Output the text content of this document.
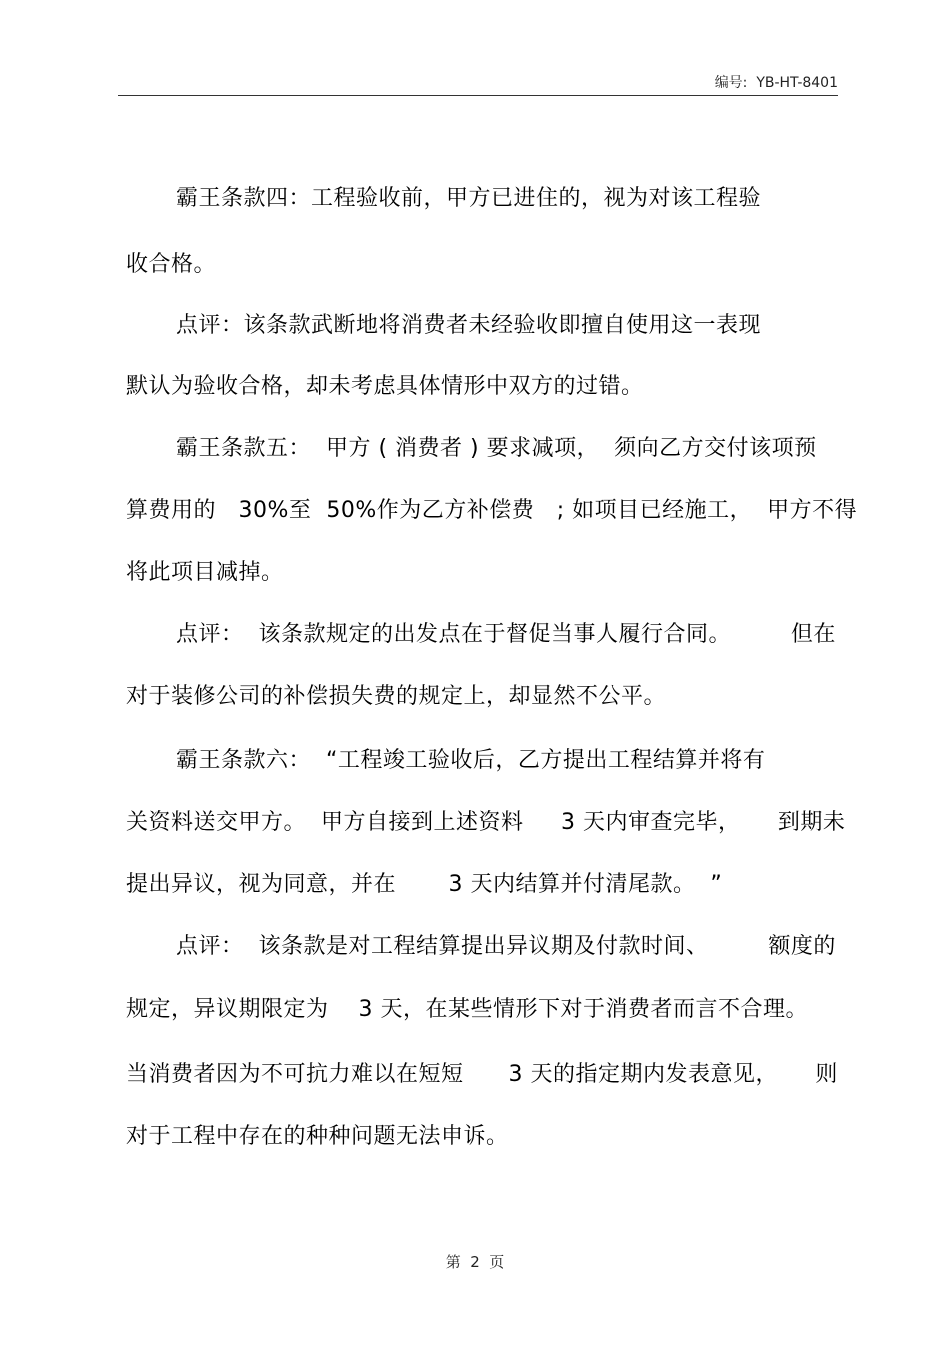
编号: YB-HT-8401
霸王条款四：工程验收前，甲方已进住的，视为对该工程验
收合格。
点评：该条款武断地将消费者未经验收即擅自使用这一表现
默认为验收合格，却未考虑具体情形中双方的过错。
霸王条款五：  甲方 ( 消费者 ) 要求减项，  须向乙方交付该项预
算费用的   30%至  50%作为乙方补偿费   ; 如项目已经施工，  甲方不得
将此项目减掉。
点评：  该条款规定的出发点在于督促当事人履行合同。        但在
对于装修公司的补偿损失费的规定上，却显然不公平。
霸王条款六：  “工程竣工验收后，乙方提出工程结算并将有
关资料送交甲方。  甲方自接到上述资料     3 天内审查完毕，     到期未
提出异议，视为同意，并在       3 天内结算并付清尾款。  ”
点评：  该条款是对工程结算提出异议期及付款时间、        额度的
规定，异议期限定为    3 天，在某些情形下对于消费者而言不合理。
当消费者因为不可抗力难以在短短      3 天的指定期内发表意见，     则
对于工程中存在的种种问题无法申诉。
第  2  页
